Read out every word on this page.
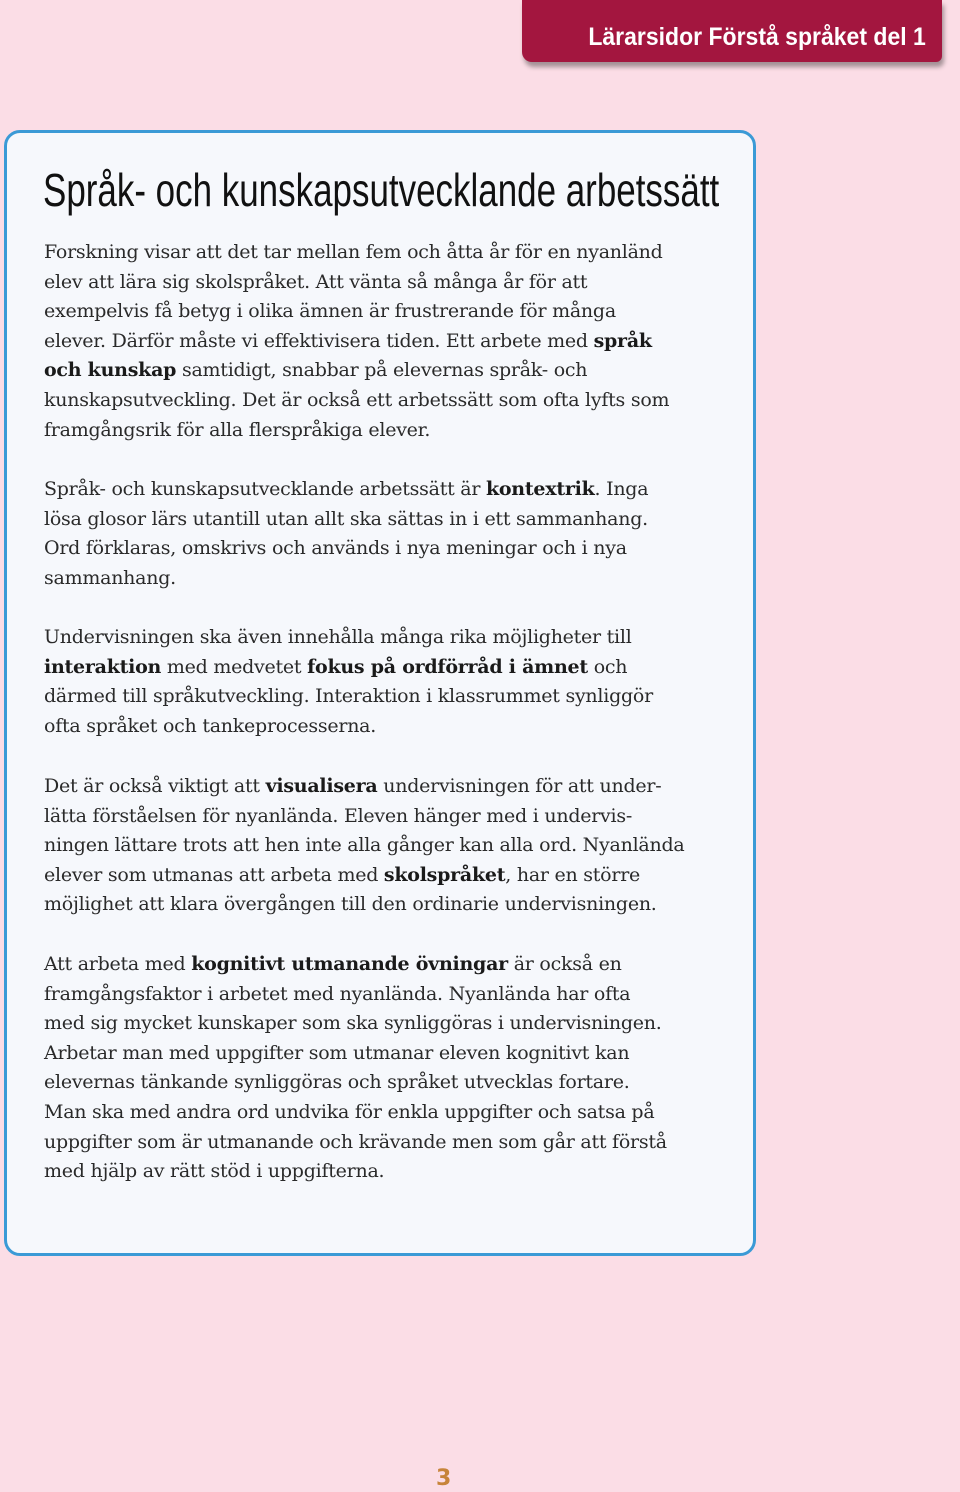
Lärarsidor Förstå språket del 1
Språk- och kunskapsutvecklande arbetssätt

Forskning visar att det tar mellan fem och åtta år för en nyanländ
elev att lära sig skolspråket. Att vänta så många år för att
exempelvis få betyg i olika ämnen är frustrerande för många
elever. Därför måste vi effektivisera tiden. Ett arbete med språk
och kunskap samtidigt, snabbar på elevernas språk- och
kunskapsutveckling. Det är också ett arbetssätt som ofta lyfts som
framgångsrik för alla flerspråkiga elever.

Språk- och kunskapsutvecklande arbetssätt är kontextrik. Inga
lösa glosor lärs utantill utan allt ska sättas in i ett sammanhang.
Ord förklaras, omskrivs och används i nya meningar och i nya
sammanhang.

Undervisningen ska även innehålla många rika möjligheter till
interaktion med medvetet fokus på ordförråd i ämnet och
därmed till språkutveckling. Interaktion i klassrummet synliggör
ofta språket och tankeprocesserna.

Det är också viktigt att visualisera undervisningen för att under-
lätta förståelsen för nyanlända. Eleven hänger med i undervis-
ningen lättare trots att hen inte alla gånger kan alla ord. Nyanlända
elever som utmanas att arbeta med skolspråket, har en större
möjlighet att klara övergången till den ordinarie undervisningen.

Att arbeta med kognitivt utmanande övningar är också en
framgångsfaktor i arbetet med nyanlända. Nyanlända har ofta
med sig mycket kunskaper som ska synliggöras i undervisningen.
Arbetar man med uppgifter som utmanar eleven kognitivt kan
elevernas tänkande synliggöras och språket utvecklas fortare.
Man ska med andra ord undvika för enkla uppgifter och satsa på
uppgifter som är utmanande och krävande men som går att förstå
med hjälp av rätt stöd i uppgifterna.

3
